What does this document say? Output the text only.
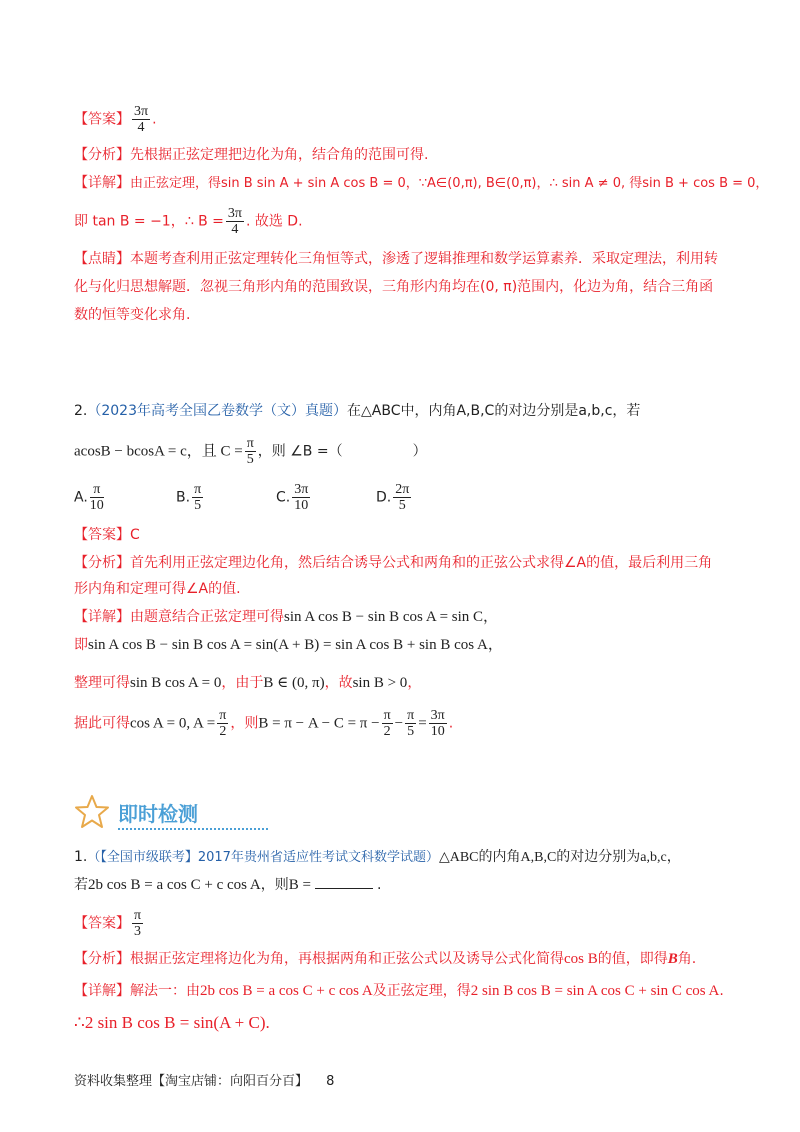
【答案】 $\frac{3\pi}{4}$ .
【分析】先根据正弦定理把边化为角，结合角的范围可得.
【详解】由正弦定理，得sin B sin A + sin A cos B = 0，∵A∈(0,π), B∈(0,π)，∴ sin A ≠ 0, 得sin B + cos B = 0，
即 tan B = −1，∴ $B = \frac{3\pi}{4}$ . 故选 D.
【点睛】本题考查利用正弦定理转化三角恒等式，渗透了逻辑推理和数学运算素养．采取定理法，利用转
化与化归思想解题．忽视三角形内角的范围致误，三角形内角均在(0, π)范围内，化边为角，结合三角函
数的恒等变化求角.
2.（2023年高考全国乙卷数学（文）真题）在△ABC中，内角A,B,C的对边分别是a,b,c，若
acosB − bcosA = c，且 $C = \frac{\pi}{5}$ ，则 ∠B =（　　　　　）
A. $\frac{\pi}{10}$	B. $\frac{\pi}{5}$	C. $\frac{3\pi}{10}$	D. $\frac{2\pi}{5}$
【答案】C
【分析】首先利用正弦定理边化角，然后结合诱导公式和两角和的正弦公式求得∠A的值，最后利用三角
形内角和定理可得∠A的值.
【详解】由题意结合正弦定理可得sin A cos B − sin B cos A = sin C，
即sin A cos B − sin B cos A = sin(A + B) = sin A cos B + sin B cos A，
整理可得sin B cos A = 0，由于B ∈ (0, π)，故sin B > 0，
据此可得cos A = 0, $A = \frac{\pi}{2}$ ，则$B = \pi - A - C = \pi - \frac{\pi}{2} - \frac{\pi}{5} = \frac{3\pi}{10}$ .
即时检测
1.（【全国市级联考】2017年贵州省适应性考试文科数学试题）△ABC的内角A,B,C的对边分别为a,b,c，
若2b cos B = a cos C + c cos A，则B =	.
【答案】 $\frac{\pi}{3}$
【分析】根据正弦定理将边化为角，再根据两角和正弦公式以及诱导公式化简得cos B的值，即得B角.
【详解】解法一：由2b cos B = a cos C + c cos A及正弦定理，得2 sin B cos B = sin A cos C + sin C cos A.
∴2 sin B cos B = sin(A + C).
资料收集整理【淘宝店铺：向阳百分百】 8
